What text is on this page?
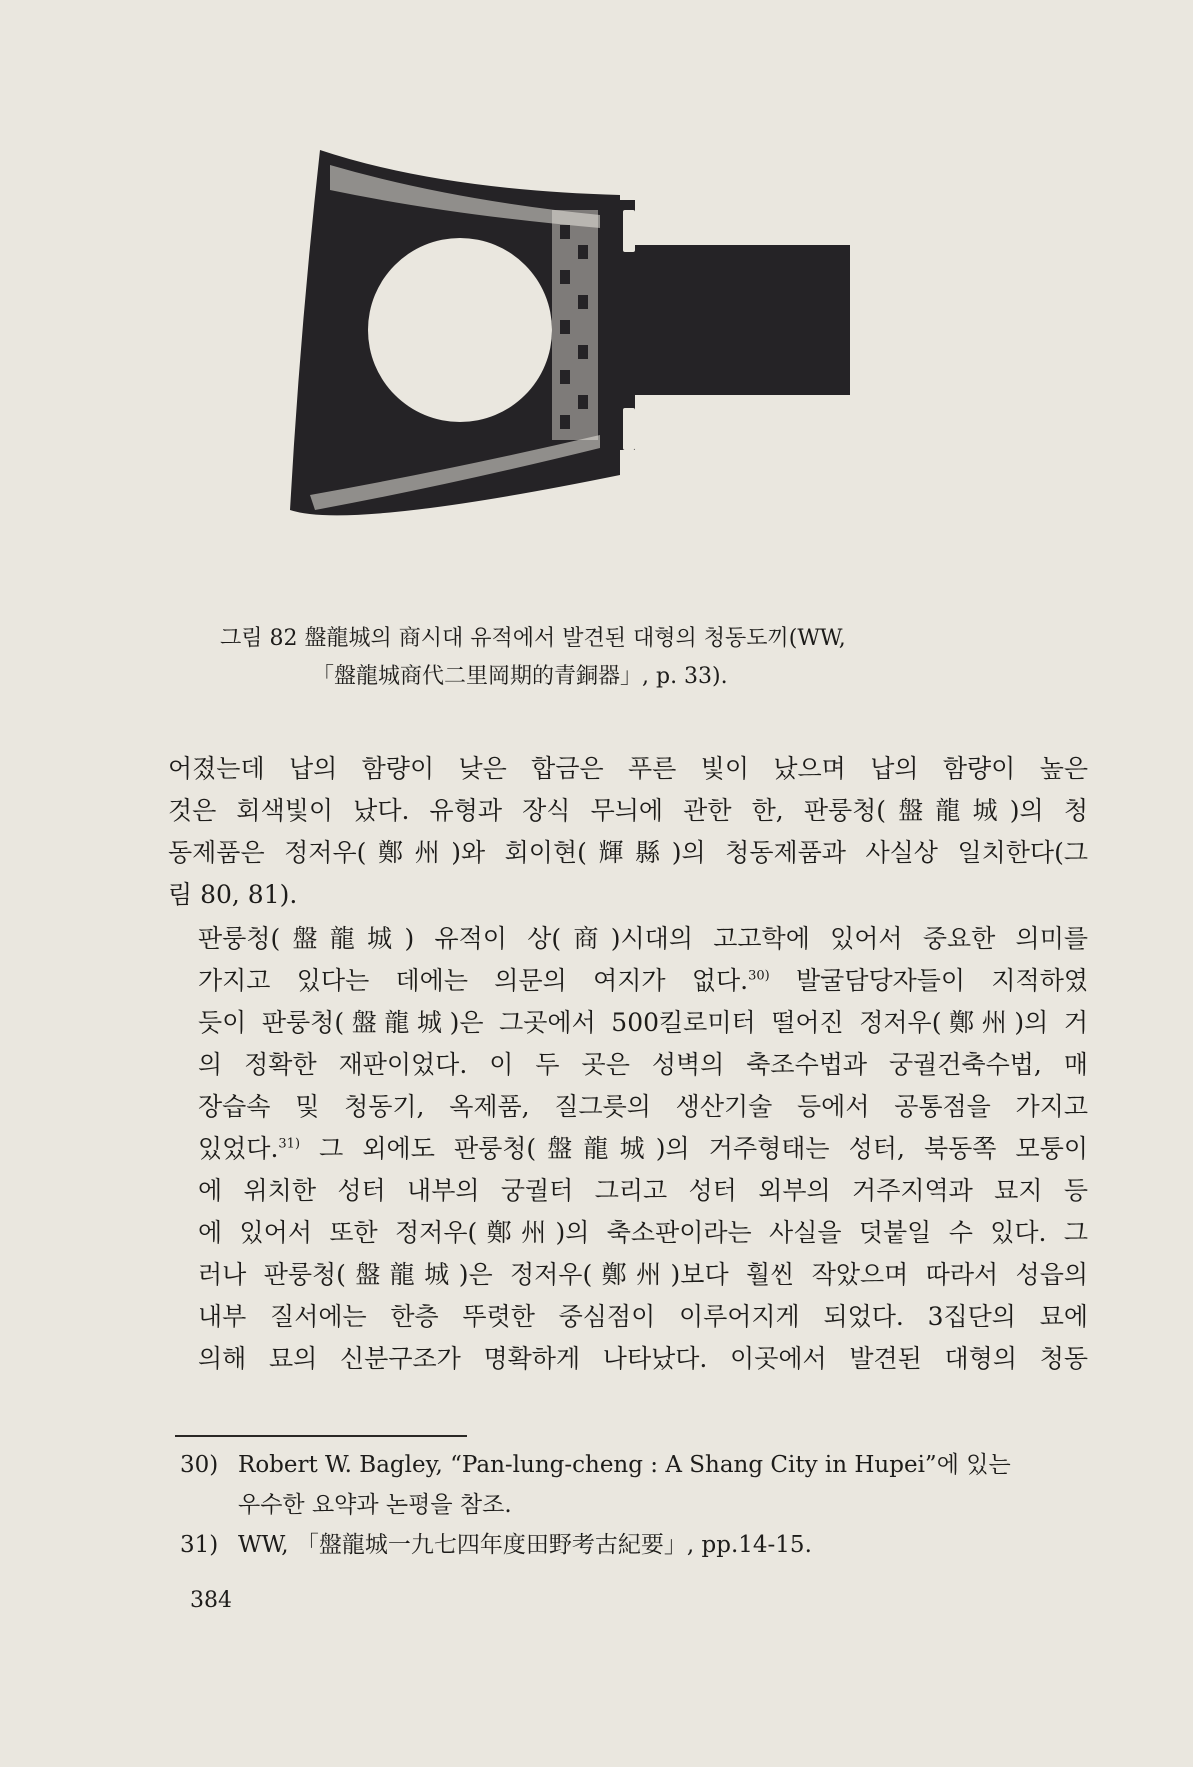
그림 82 盤龍城의 商시대 유적에서 발견된 대형의 청동도끼(WW,
「盤龍城商代二里岡期的青銅器」, p. 33).

어졌는데 납의 함량이 낮은 합금은 푸른 빛이 났으며 납의 함량이 높은
것은 회색빛이 났다. 유형과 장식 무늬에 관한 한, 판룽청(盤龍城)의 청
동제품은 정저우(鄭州)와 회이현(輝縣)의 청동제품과 사실상 일치한다(그
림 80, 81).

판룽청(盤龍城) 유적이 상(商)시대의 고고학에 있어서 중요한 의미를
가지고 있다는 데에는 의문의 여지가 없다.$^{30)}$ 발굴담당자들이 지적하였
듯이 판룽청(盤龍城)은 그곳에서 500킬로미터 떨어진 정저우(鄭州)의 거
의 정확한 재판이었다. 이 두 곳은 성벽의 축조수법과 궁궐건축수법, 매
장습속 및 청동기, 옥제품, 질그릇의 생산기술 등에서 공통점을 가지고
있었다.$^{31)}$ 그 외에도 판룽청(盤龍城)의 거주형태는 성터, 북동쪽 모퉁이
에 위치한 성터 내부의 궁궐터 그리고 성터 외부의 거주지역과 묘지 등
에 있어서 또한 정저우(鄭州)의 축소판이라는 사실을 덧붙일 수 있다. 그
러나 판룽청(盤龍城)은 정저우(鄭州)보다 훨씬 작았으며 따라서 성읍의
내부 질서에는 한층 뚜렷한 중심점이 이루어지게 되었다. 3집단의 묘에
의해 묘의 신분구조가 명확하게 나타났다. 이곳에서 발견된 대형의 청동

30) Robert W. Bagley, “Pan-lung-cheng : A Shang City in Hupei”에 있는
우수한 요약과 논평을 참조.
31) WW, 「盤龍城一九七四年度田野考古紀要」, pp.14-15.
384
